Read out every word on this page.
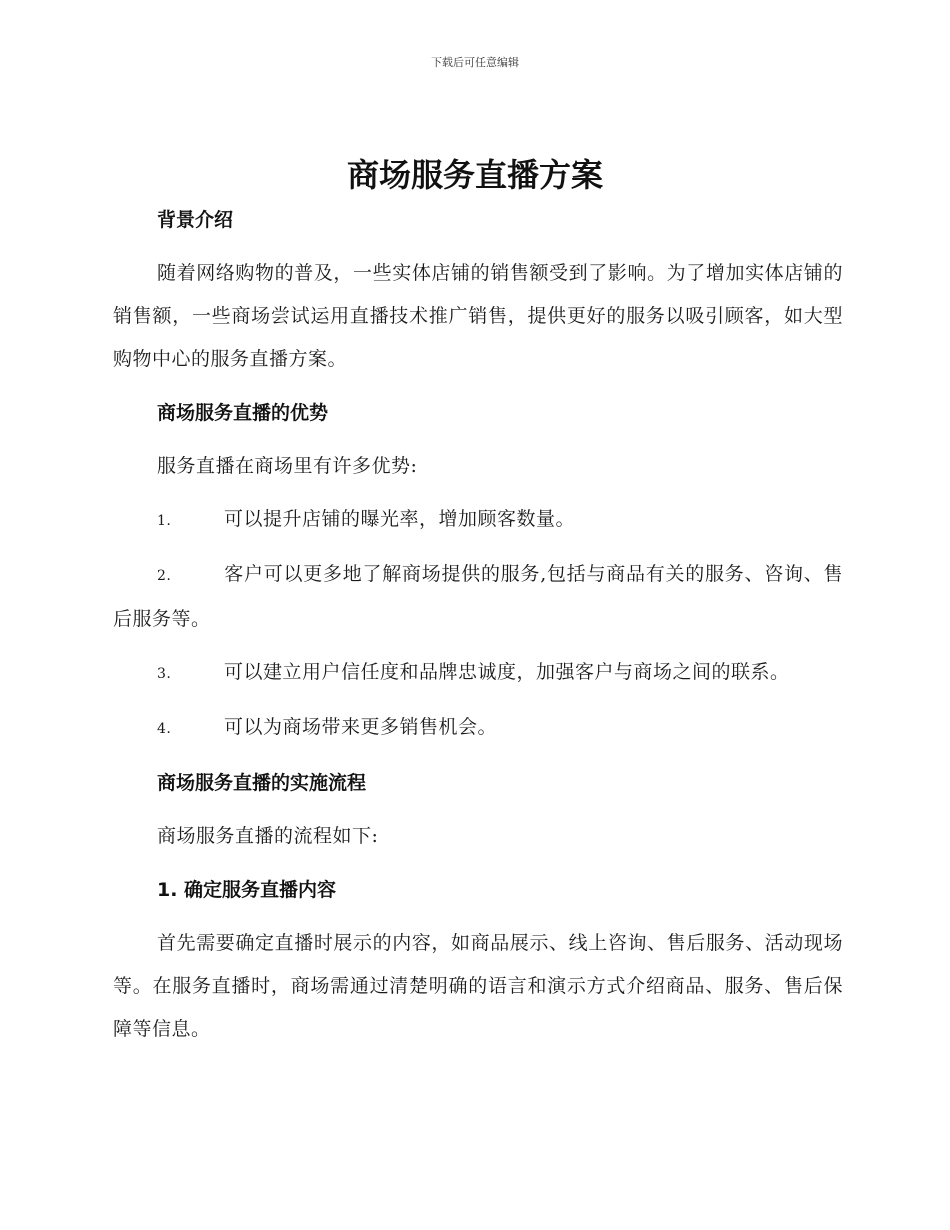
下载后可任意编辑
商场服务直播方案
背景介绍

随着网络购物的普及，一些实体店铺的销售额受到了影响。为了增加实体店铺的销售额，一些商场尝试运用直播技术推广销售，提供更好的服务以吸引顾客，如大型购物中心的服务直播方案。

商场服务直播的优势

服务直播在商场里有许多优势:

1.	可以提升店铺的曝光率，增加顾客数量。

2.	客户可以更多地了解商场提供的服务,包括与商品有关的服务、咨询、售后服务等。

3.	可以建立用户信任度和品牌忠诚度，加强客户与商场之间的联系。

4.	可以为商场带来更多销售机会。

商场服务直播的实施流程

商场服务直播的流程如下:

1. 确定服务直播内容

首先需要确定直播时展示的内容，如商品展示、线上咨询、售后服务、活动现场等。在服务直播时，商场需通过清楚明确的语言和演示方式介绍商品、服务、售后保障等信息。
